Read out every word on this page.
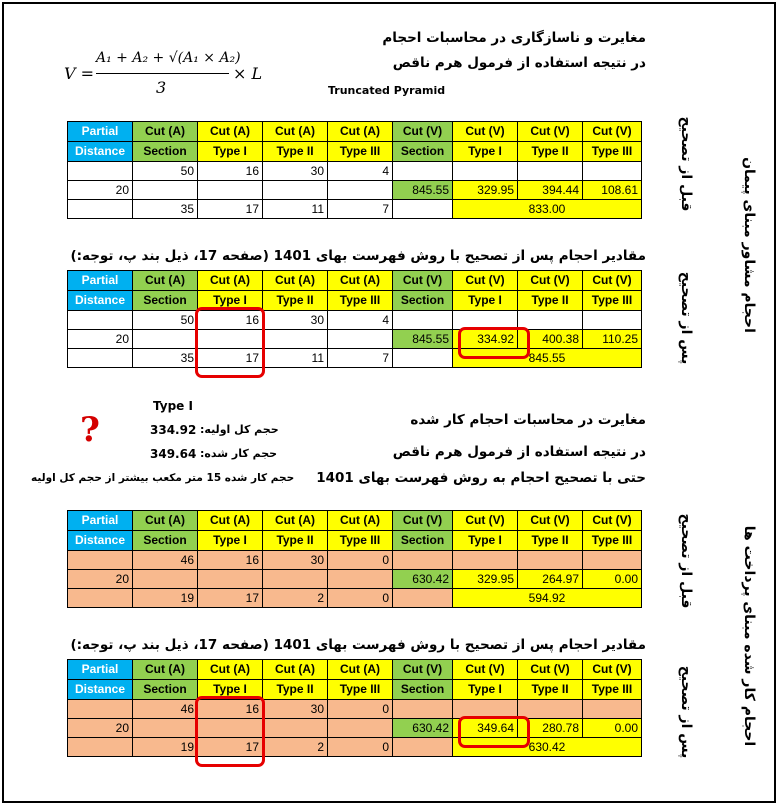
مغایرت و ناسازگاری در محاسبات احجام
در نتیجه استفاده از فرمول هرم ناقص
V =
A₁ + A₂ + √(A₁ × A₂)
3
× L
Truncated Pyramid
Partial	Cut (A)	Cut (A)	Cut (A)	Cut (A)	Cut (V)	Cut (V)	Cut (V)	Cut (V)
Distance	Section	Type I	Type II	Type III	Section	Type I	Type II	Type III
	50	16	30	4				
20					845.55	329.95	394.44	108.61
	35	17	11	7		833.00		
مقادیر احجام پس از تصحیح با روش فهرست بهای 1401 (صفحه 17، ذیل بند پ، توجه:)
Partial	Cut (A)	Cut (A)	Cut (A)	Cut (A)	Cut (V)	Cut (V)	Cut (V)	Cut (V)
Distance	Section	Type I	Type II	Type III	Section	Type I	Type II	Type III
	50	16	30	4				
20					845.55	334.92	400.38	110.25
	35	17	11	7		845.55		
Type I
?	حجم کل اولیه:
334.92
حجم کار شده:
349.64
حجم کار شده 15 متر مکعب بیشتر از حجم کل اولیه
مغایرت در محاسبات احجام کار شده
در نتیجه استفاده از فرمول هرم ناقص
حتی با تصحیح احجام به روش فهرست بهای 1401
Partial	Cut (A)	Cut (A)	Cut (A)	Cut (A)	Cut (V)	Cut (V)	Cut (V)	Cut (V)
Distance	Section	Type I	Type II	Type III	Section	Type I	Type II	Type III
	46	16	30	0				
20					630.42	329.95	264.97	0.00
	19	17	2	0		594.92		
مقادیر احجام پس از تصحیح با روش فهرست بهای 1401 (صفحه 17، ذیل بند پ، توجه:)
Partial	Cut (A)	Cut (A)	Cut (A)	Cut (A)	Cut (V)	Cut (V)	Cut (V)	Cut (V)
Distance	Section	Type I	Type II	Type III	Section	Type I	Type II	Type III
	46	16	30	0				
20					630.42	349.64	280.78	0.00
	19	17	2	0		630.42		
قبل از تصحیح
پس از تصحیح	احجام مشاور مبنای پیمان
قبل از تصحیح
پس از تصحیح	احجام کار شده مبنای پرداخت ها
